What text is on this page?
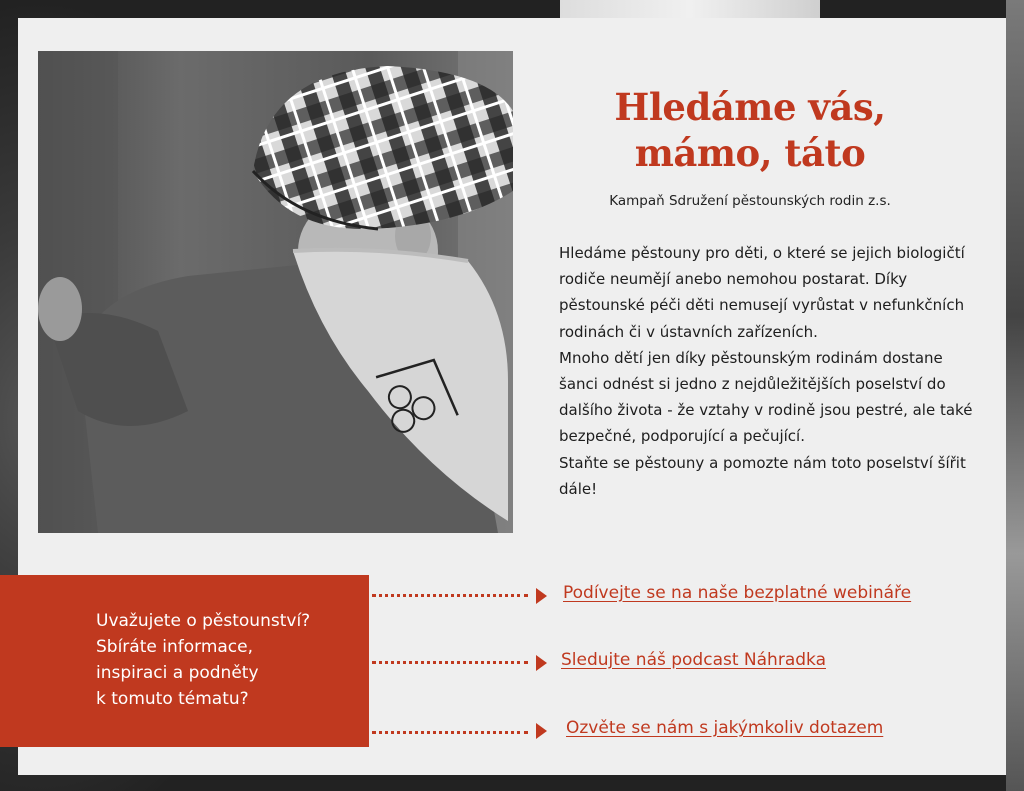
Hledáme vás,
mámo, táto
Kampaň Sdružení pěstounských rodin z.s.

Hledáme pěstouny pro děti, o které se jejich biologičtí rodiče neumějí anebo nemohou postarat. Díky pěstounské péči děti nemusejí vyrůstat v nefunkčních rodinách či v ústavních zařízeních.

Mnoho dětí jen díky pěstounským rodinám dostane šanci odnést si jedno z nejdůležitějších poselství do dalšího života - že vztahy v rodině jsou pestré, ale také bezpečné, podporující a pečující.

Staňte se pěstouny a pomozte nám toto poselství šířit dále!

Uvažujete o pěstounství?
Sbíráte informace,
inspiraci a podněty
k tomuto tématu?
Podívejte se na naše bezplatné webináře
Sledujte náš podcast Náhradka
Ozvěte se nám s jakýmkoliv dotazem
